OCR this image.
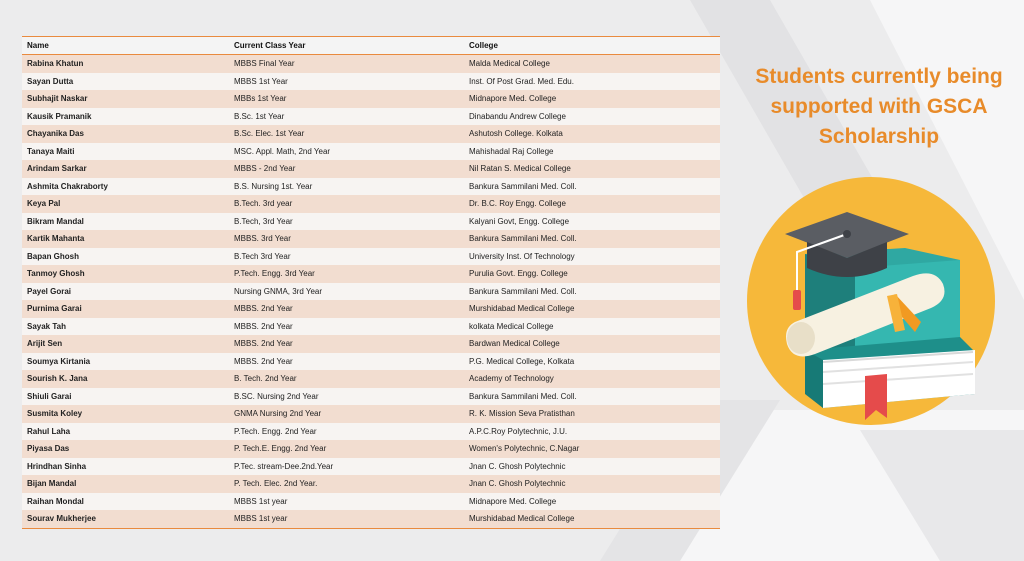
Name	Current Class Year	College
Rabina Khatun	MBBS Final Year	Malda Medical College
Sayan Dutta	MBBS 1st Year	Inst. Of Post Grad. Med. Edu.
Subhajit Naskar	MBBs 1st Year	Midnapore Med. College
Kausik Pramanik	B.Sc. 1st Year	Dinabandu Andrew College
Chayanika Das	B.Sc. Elec. 1st Year	Ashutosh College. Kolkata
Tanaya Maiti	MSC. Appl. Math, 2nd Year	Mahishadal Raj College
Arindam Sarkar	MBBS - 2nd Year	Nil Ratan S. Medical College
Ashmita Chakraborty	B.S. Nursing 1st. Year	Bankura Sammilani Med. Coll.
Keya Pal	B.Tech. 3rd year	Dr. B.C. Roy Engg. College
Bikram Mandal	B.Tech, 3rd Year	Kalyani Govt, Engg. College
Kartik Mahanta	MBBS. 3rd Year	Bankura Sammilani Med. Coll.
Bapan Ghosh	B.Tech 3rd Year	University Inst. Of Technology
Tanmoy Ghosh	P.Tech. Engg. 3rd Year	Purulia Govt. Engg. College
Payel Gorai	Nursing GNMA, 3rd Year	Bankura Sammilani Med. Coll.
Purnima Garai	MBBS. 2nd Year	Murshidabad Medical College
Sayak Tah	MBBS. 2nd Year	kolkata Medical College
Arijit Sen	MBBS. 2nd Year	Bardwan Medical College
Soumya Kirtania	MBBS. 2nd Year	P.G. Medical College, Kolkata
Sourish K. Jana	B. Tech. 2nd Year	Academy of Technology
Shiuli Garai	B.SC. Nursing 2nd Year	Bankura Sammilani Med. Coll.
Susmita Koley	GNMA Nursing 2nd Year	R. K. Mission Seva Pratisthan
Rahul Laha	P.Tech. Engg. 2nd Year	A.P.C.Roy Polytechnic, J.U.
Piyasa Das	P. Tech.E. Engg. 2nd Year	Women's Polytechnic, C.Nagar
Hrindhan Sinha	P.Tec. stream-Dee.2nd.Year	Jnan C. Ghosh Polytechnic
Bijan Mandal	P. Tech. Elec. 2nd Year.	Jnan C. Ghosh Polytechnic
Raihan Mondal	MBBS 1st year	Midnapore Med. College
Sourav Mukherjee	MBBS 1st year	Murshidabad Medical College
Students currently being supported with GSCA Scholarship
